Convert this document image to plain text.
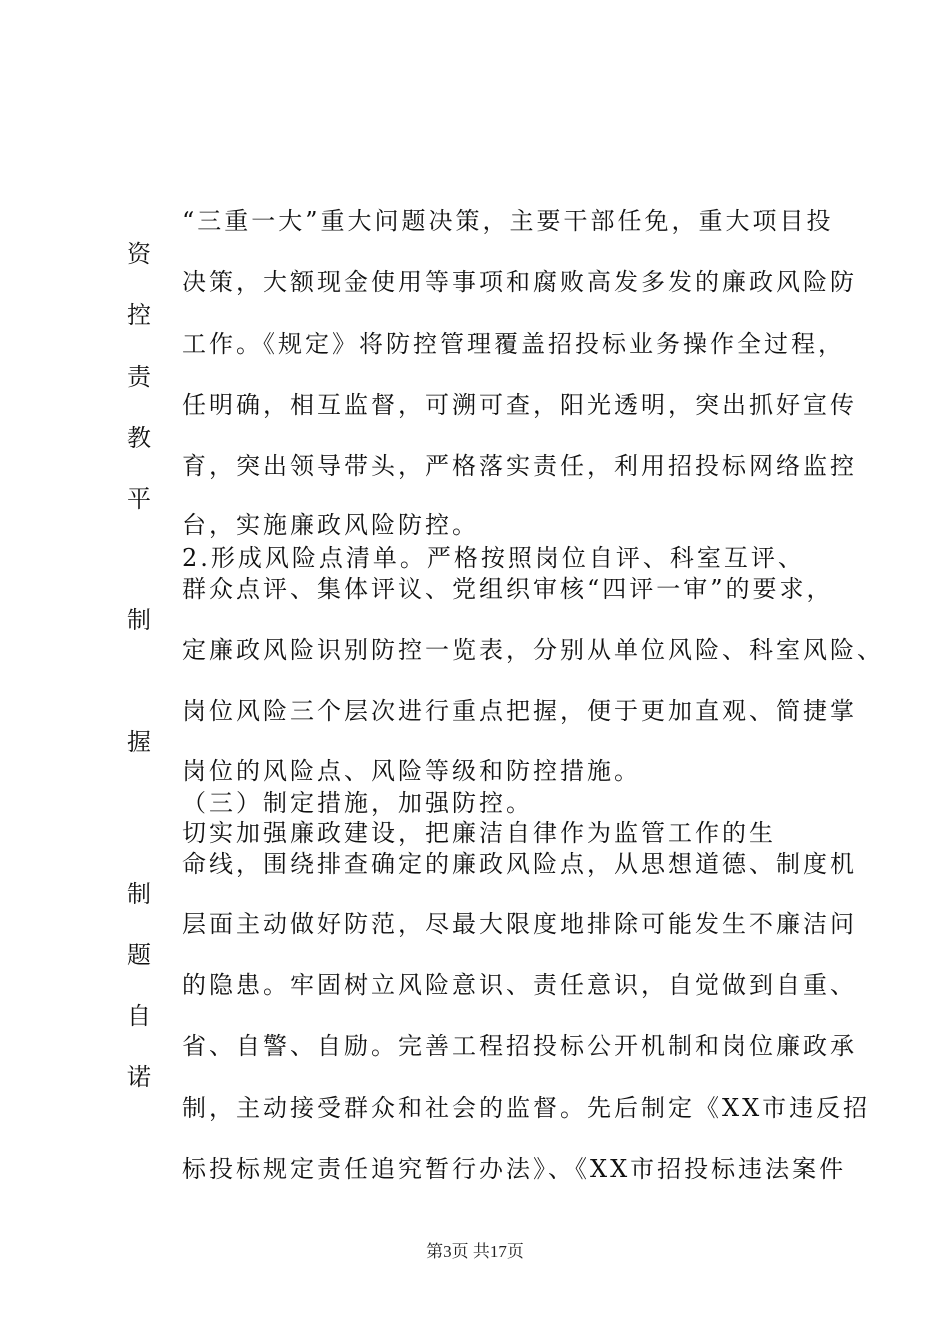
“三重一大”重大问题决策，主要干部任免，重大项目投
决策，大额现金使用等事项和腐败高发多发的廉政风险防
工作。《规定》将防控管理覆盖招投标业务操作全过程，
任明确，相互监督，可溯可查，阳光透明，突出抓好宣传
育，突出领导带头，严格落实责任，利用招投标网络监控
台，实施廉政风险防控。
2.形成风险点清单。严格按照岗位自评、科室互评、
群众点评、集体评议、党组织审核“四评一审”的要求，
定廉政风险识别防控一览表，分别从单位风险、科室风险、
岗位风险三个层次进行重点把握，便于更加直观、简捷掌
岗位的风险点、风险等级和防控措施。
（三）制定措施，加强防控。
切实加强廉政建设，把廉洁自律作为监管工作的生
命线，围绕排查确定的廉政风险点，从思想道德、制度机
层面主动做好防范，尽最大限度地排除可能发生不廉洁问
的隐患。牢固树立风险意识、责任意识，自觉做到自重、
省、自警、自励。完善工程招投标公开机制和岗位廉政承
制，主动接受群众和社会的监督。先后制定《XX市违反招
标投标规定责任追究暂行办法》、《XX市招投标违法案件
资
控
责
教
平
制
握
制
题
自
诺
第3页 共17页
